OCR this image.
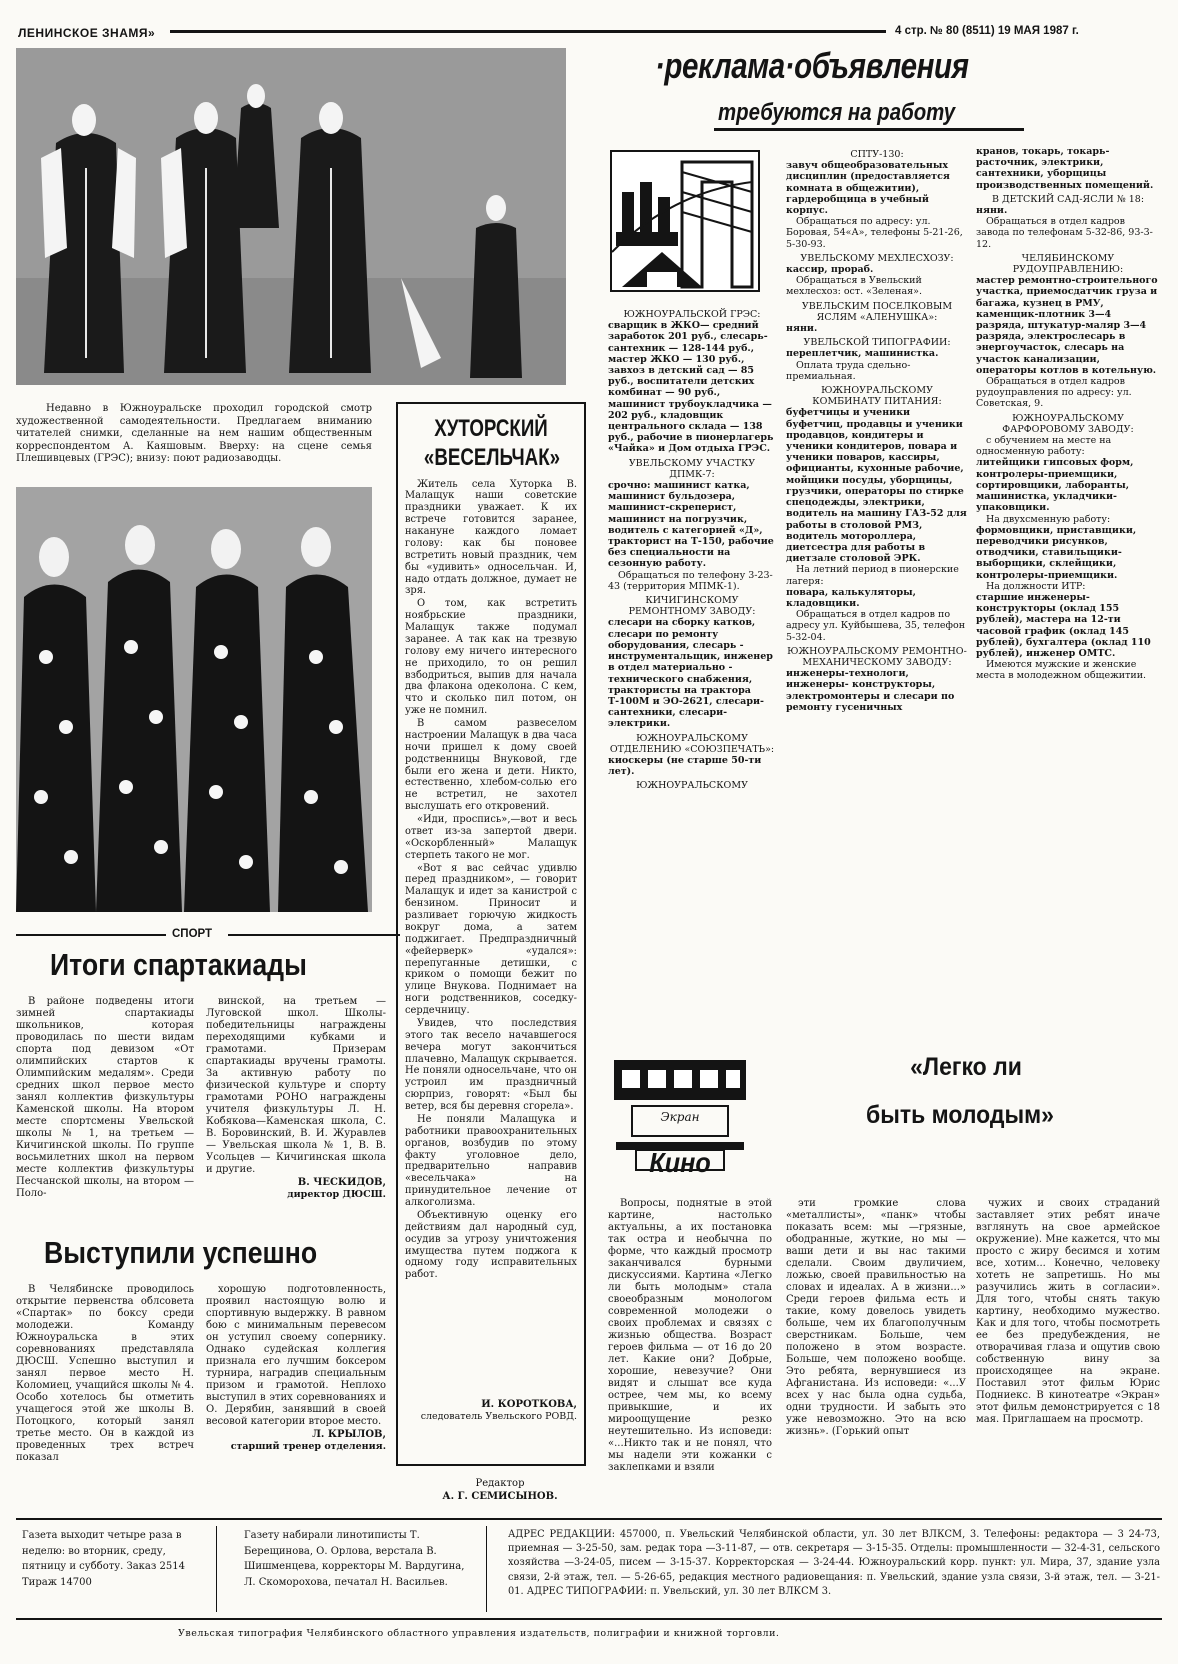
ЛЕНИНСКОЕ ЗНАМЯ»	4 стр. № 80 (8511) 19 МАЯ 1987 г.
Недавно в Южноуральске проходил городской смотр художественной самодеятельности. Предлагаем вниманию читателей снимки, сделанные на нем нашим общественным корреспондентом А. Каяшовым. Вверху: на сцене семья Плешивцевых (ГРЭС); внизу: поют радиозаводцы.
СПОРТ
Итоги спартакиады

В районе подведены итоги зимней спартакиады школьников, которая проводилась по шести видам спорта под девизом «От олимпийских стартов к Олимпийским медалям». Среди средних школ первое место занял коллектив физкультуры Каменской школы. На втором месте спортсмены Увельской школы № 1, на третьем — Кичигинской школы. По группе восьмилетних школ на первом месте коллектив физкультуры Песчанской школы, на втором — Поло-

винской, на третьем —Луговской школ. Школы-победительницы награждены переходящими кубками и грамотами. Призерам спартакиады вручены грамоты. За активную работу по физической культуре и спорту грамотами РОНО награждены учителя физкультуры Л. Н. Кобякова—Каменская школа, С. В. Боровинский, В. И. Журавлев — Увельская школа № 1, В. В. Усольцев — Кичигинская школа и другие.

В. ЧЕСКИДОВ,
директор ДЮСШ.
Выступили успешно

В Челябинске проводилось открытие первенства облсовета «Спартак» по боксу среди молодежи. Команду Южноуральска в этих соревнованиях представляла ДЮСШ. Успешно выступил и занял первое место Н. Коломиец, учащийся школы № 4. Особо хотелось бы отметить учащегося этой же школы В. Потоцкого, который занял третье место. Он в каждой из проведенных трех встреч показал

хорошую подготовленность, проявил настоящую волю и спортивную выдержку. В равном бою с минимальным перевесом он уступил своему сопернику. Однако судейская коллегия признала его лучшим боксером турнира, наградив специальным призом и грамотой. Неплохо выступил в этих соревнованиях и О. Дерябин, занявший в своей весовой категории второе место.

Л. КРЫЛОВ,
старший тренер отделения.
ХУТОРСКИЙ
«ВЕСЕЛЬЧАК»

Житель села Хуторка В. Малащук наши советские праздники уважает. К их встрече готовится заранее, накануне каждого ломает голову: как бы поновее встретить новый праздник, чем бы «удивить» односельчан. И, надо отдать должное, думает не зря.

О том, как встретить ноябрьские праздники, Малащук также подумал заранее. А так как на трезвую голову ему ничего интересного не приходило, то он решил взбодриться, выпив для начала два флакона одеколона. С кем, что и сколько пил потом, он уже не помнил.

В самом развеселом настроении Малащук в два часа ночи пришел к дому своей родственницы Внуковой, где были его жена и дети. Никто, естественно, хлебом-солью его не встретил, не захотел выслушать его откровений.

«Иди, проспись»,—вот и весь ответ из-за запертой двери. «Оскорбленный» Малащук стерпеть такого не мог.

«Вот я вас сейчас удивлю перед праздником», — говорит Малащук и идет за канистрой с бензином. Приносит и разливает горючую жидкость вокруг дома, а затем поджигает. Предпраздничный «фейерверк» «удался»: перепуганные детишки, с криком о помощи бежит по улице Внукова. Поднимает на ноги родственников, соседку-сердечницу.

Увидев, что последствия этого так весело начавшегося вечера могут закончиться плачевно, Малащук скрывается. Не поняли односельчане, что он устроил им праздничный сюрприз, говорят: «Был бы ветер, вся бы деревня сгорела».

Не поняли Малащука и работники правоохранительных органов, возбудив по этому факту уголовное дело, предварительно направив «весельчака» на принудительное лечение от алкоголизма.

Объективную оценку его действиям дал народный суд, осудив за угрозу уничтожения имущества путем поджога к одному году исправительных работ.

И. КОРОТКОВА,
следователь Увельского РОВД.
Редактор
А. Г. СЕМИСЫНОВ.
·реклама·объявления
требуются на работу
ЮЖНОУРАЛЬСКОЙ ГРЭС:
сварщик в ЖКО— средний заработок 201 руб., слесарь-сантехник — 128-144 руб., мастер ЖКО — 130 руб., завхоз в детский сад — 85 руб., воспитатели детских комбинат — 90 руб., машинист трубоукладчика — 202 руб., кладовщик центрального склада — 138 руб., рабочие в пионерлагерь «Чайка» и Дом отдыха ГРЭС.
УВЕЛЬСКОМУ УЧАСТКУ ДПМК-7:
срочно: машинист катка, машинист бульдозера, машинист-скреперист, машинист на погрузчик, водитель с категорией «Д», тракторист на Т-150, рабочие без специальности на сезонную работу.
Обращаться по телефону 3-23-43 (территория МПМК-1).
КИЧИГИНСКОМУ РЕМОНТНОМУ ЗАВОДУ:
слесари на сборку катков, слесари по ремонту оборудования, слесарь - инструментальщик, инженер в отдел материально - технического снабжения, трактористы на трактора Т-100М и ЭО-2621, слесари-сантехники, слесари-электрики.
ЮЖНОУРАЛЬСКОМУ ОТДЕЛЕНИЮ «СОЮЗПЕЧАТЬ»:
киоскеры (не старше 50-ти лет).
ЮЖНОУРАЛЬСКОМУ
СПТУ-130:
завуч общеобразовательных дисциплин (предоставляется комната в общежитии), гардеробщица в учебный корпус.
Обращаться по адресу: ул. Боровая, 54«А», телефоны 5-21-26, 5-30-93.
УВЕЛЬСКОМУ МЕХЛЕСХОЗУ:
кассир, прораб.
Обращаться в Увельский мехлесхоз: ост. «Зеленая».
УВЕЛЬСКИМ ПОСЕЛКОВЫМ ЯСЛЯМ «АЛЕНУШКА»:
няни.
УВЕЛЬСКОЙ ТИПОГРАФИИ:
переплетчик, машинистка.
Оплата труда сдельно-премиальная.
ЮЖНОУРАЛЬСКОМУ КОМБИНАТУ ПИТАНИЯ:
буфетчицы и ученики буфетчиц, продавцы и ученики продавцов, кондитеры и ученики кондитеров, повара и ученики поваров, кассиры, официанты, кухонные рабочие, мойщики посуды, уборщицы, грузчики, операторы по стирке спецодежды, электрики, водитель на машину ГАЗ-52 для работы в столовой РМЗ, водитель мотороллера, диетсестра для работы в диетзале столовой ЭРК.
На летний период в пионерские лагеря:
повара, калькуляторы, кладовщики.
Обращаться в отдел кадров по адресу ул. Куйбышева, 35, телефон 5-32-04.
ЮЖНОУРАЛЬСКОМУ РЕМОНТНО-МЕХАНИЧЕСКОМУ ЗАВОДУ:
инженеры-технологи, инженеры- конструкторы, электромонтеры и слесари по ремонту гусеничных
кранов, токарь, токарь-расточник, электрики, сантехники, уборщицы производственных помещений.
В ДЕТСКИЙ САД-ЯСЛИ № 18:
няни.
Обращаться в отдел кадров завода по телефонам 5-32-86, 93-3-12.
ЧЕЛЯБИНСКОМУ РУДОУПРАВЛЕНИЮ:
мастер ремонтно-строительного участка, приемосдатчик груза и багажа, кузнец в РМУ, каменщик-плотник 3—4 разряда, штукатур-маляр 3—4 разряда, электрослесарь в энергоучасток, слесарь на участок канализации, операторы котлов в котельную.
Обращаться в отдел кадров рудоуправления по адресу: ул. Советская, 9.
ЮЖНОУРАЛЬСКОМУ ФАРФОРОВОМУ ЗАВОДУ:
с обучением на месте на одноcменную работу:
литейщики гипсовых форм, контролеры-приемщики, сортировщики, лаборанты, машинистка, укладчики-упаковщики.
На двухсменную работу:
формовщики, приставщики, переводчики рисунков, отводчики, ставильщики-выборщики, склейщики, контролеры-приемщики.
На должности ИТР:
старшие инженеры-конструкторы (оклад 155 рублей), мастера на 12-ти часовой график (оклад 145 рублей), бухгалтера (оклад 110 рублей), инженер ОМТС.
Имеются мужские и женские места в молодежном общежитии.
Экран
Кино
«Легко ли
быть молодым»

Вопросы, поднятые в этой картине, настолько актуальны, а их постановка так остра и необычна по форме, что каждый просмотр заканчивался бурными дискуссиями. Картина «Легко ли быть молодым» стала своеобразным монологом современной молодежи о своих проблемах и связях с жизнью общества. Возраст героев фильма — от 16 до 20 лет. Какие они? Добрые, хорошие, невезучие? Они видят и слышат все куда острее, чем мы, ко всему привыкшие, и их мироощущение резко неутешительно. Из исповеди: «...Никто так и не понял, что мы надели эти кожанки с заклепками и взяли

эти громкие слова «металлисты», «панк» чтобы показать всем: мы —грязные, ободранные, жуткие, но мы — ваши дети и вы нас такими сделали. Своим двуличием, ложью, своей правильностью на словах и идеалах. А в жизни...» Среди героев фильма есть и такие, кому довелось увидеть больше, чем их благополучным сверстникам. Больше, чем положено в этом возрасте. Больше, чем положено вообще. Это ребята, вернувшиеся из Афганистана. Из исповеди: «...У всех у нас была одна судьба, одни трудности. И забыть это уже невозможно. Это на всю жизнь». (Горький опыт

чужих и своих страданий заставляет этих ребят иначе взглянуть на свое армейское окружение). Мне кажется, что мы просто с жиру бесимся и хотим все, хотим... Конечно, человеку хотеть не запретишь. Но мы разучились жить в согласии». Для того, чтобы снять такую картину, необходимо мужество. Как и для того, чтобы посмотреть ее без предубеждения, не отворачивая глаза и ощутив свою собственную вину за происходящее на экране. Поставил этот фильм Юрис Подниекс. В кинотеатре «Экран» этот фильм демонстрируется с 18 мая. Приглашаем на просмотр.

Газета выходит четыре раза в неделю: во вторник, среду, пятницу и субботу. Заказ 2514 Тираж 14700
Газету набирали линотиписты Т. Берещинова, О. Орлова, верстала В. Шишменцева, корректоры М. Вардугина, Л. Скоморохова, печатал Н. Васильев.
АДРЕС РЕДАКЦИИ: 457000, п. Увельский Челябинской области, ул. 30 лет ВЛКСМ, 3. Телефоны: редактора — 3 24-73, приемная — 3-25-50, зам. редак тора —3-11-87, — отв. секретаря — 3-15-35. Отделы: промышленности — 32-4-31, сельского хозяйства —3-24-05, писем — 3-15-37. Корректорская — 3-24-44. Южноуральский корр. пункт: ул. Мира, 37, здание узла связи, 2-й этаж, тел. — 5-26-65, редакция местного радиовещания: п. Увельский, здание узла связи, 3-й этаж, тел. — 3-21-01. АДРЕС ТИПОГРАФИИ: п. Увельский, ул. 30 лет ВЛКСМ 3.
Увельская типография Челябинского областного управления издательств, полиграфии и книжной торговли.
